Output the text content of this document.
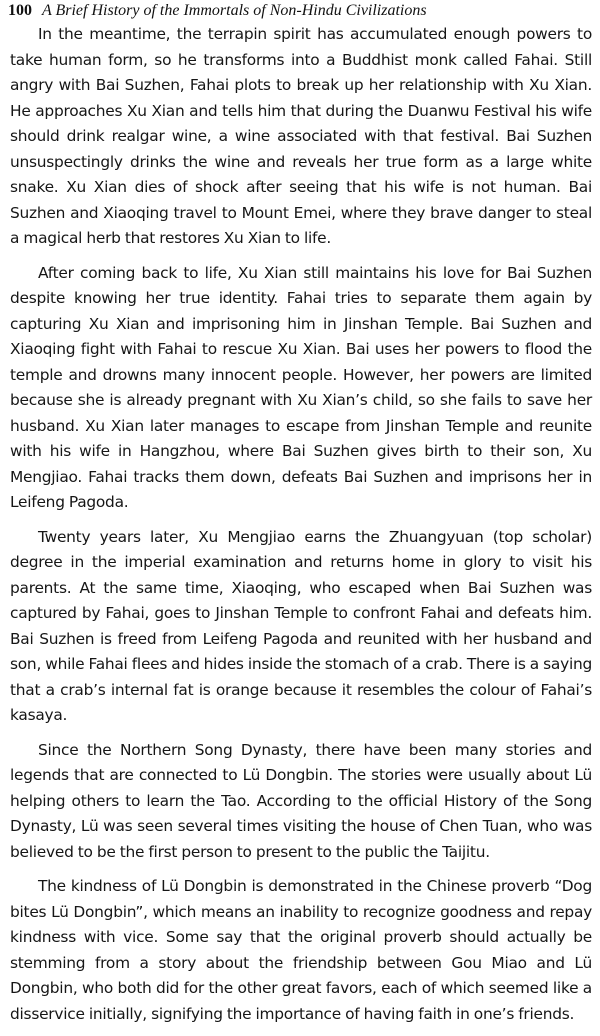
100 A Brief History of the Immortals of Non-Hindu Civilizations

In the meantime, the terrapin spirit has accumulated enough powers to take human form, so he transforms into a Buddhist monk called Fahai. Still angry with Bai Suzhen, Fahai plots to break up her relationship with Xu Xian. He approaches Xu Xian and tells him that during the Duanwu Festival his wife should drink realgar wine, a wine associated with that festival. Bai Suzhen unsuspectingly drinks the wine and reveals her true form as a large white snake. Xu Xian dies of shock after seeing that his wife is not human. Bai Suzhen and Xiaoqing travel to Mount Emei, where they brave danger to steal a magical herb that restores Xu Xian to life.

After coming back to life, Xu Xian still maintains his love for Bai Suzhen despite knowing her true identity. Fahai tries to separate them again by capturing Xu Xian and imprisoning him in Jinshan Temple. Bai Suzhen and Xiaoqing fight with Fahai to rescue Xu Xian. Bai uses her powers to flood the temple and drowns many innocent people. However, her powers are limited because she is already pregnant with Xu Xian’s child, so she fails to save her husband. Xu Xian later manages to escape from Jinshan Temple and reunite with his wife in Hangzhou, where Bai Suzhen gives birth to their son, Xu Mengjiao. Fahai tracks them down, defeats Bai Suzhen and imprisons her in Leifeng Pagoda.

Twenty years later, Xu Mengjiao earns the Zhuangyuan (top scholar) degree in the imperial examination and returns home in glory to visit his parents. At the same time, Xiaoqing, who escaped when Bai Suzhen was captured by Fahai, goes to Jinshan Temple to confront Fahai and defeats him. Bai Suzhen is freed from Leifeng Pagoda and reunited with her husband and son, while Fahai flees and hides inside the stomach of a crab. There is a saying that a crab’s internal fat is orange because it resembles the colour of Fahai’s kasaya.

Since the Northern Song Dynasty, there have been many stories and legends that are connected to Lü Dongbin. The stories were usually about Lü helping others to learn the Tao. According to the official History of the Song Dynasty, Lü was seen several times visiting the house of Chen Tuan, who was believed to be the first person to present to the public the Taijitu.

The kindness of Lü Dongbin is demonstrated in the Chinese proverb “Dog bites Lü Dongbin”, which means an inability to recognize goodness and repay kindness with vice. Some say that the original proverb should actually be stemming from a story about the friendship between Gou Miao and Lü Dongbin, who both did for the other great favors, each of which seemed like a disservice initially, signifying the importance of having faith in one’s friends.
